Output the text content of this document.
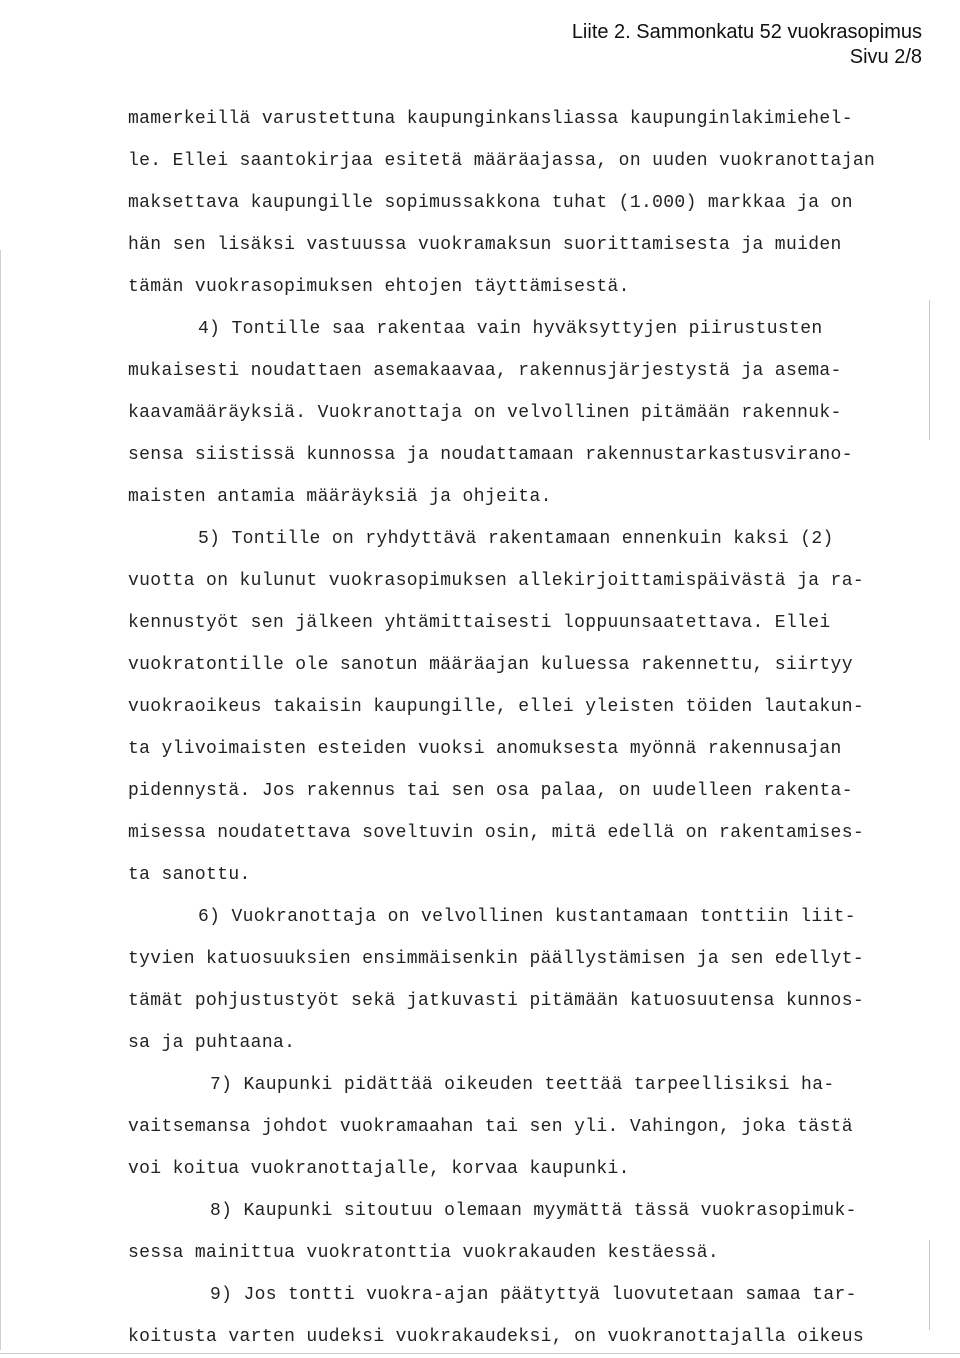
Liite 2. Sammonkatu 52 vuokrasopimus
Sivu 2/8
mamerkeillä varustettuna kaupunginkansliassa kaupunginlakimiehel-
le. Ellei saantokirjaa esitetä määräajassa, on uuden vuokranottajan
maksettava kaupungille sopimussakkona tuhat (1.000) markkaa ja on
hän sen lisäksi vastuussa vuokramaksun suorittamisesta ja muiden
tämän vuokrasopimuksen ehtojen täyttämisestä.
4) Tontille saa rakentaa vain hyväksyttyjen piirustusten
mukaisesti noudattaen asemakaavaa, rakennusjärjestystä ja asema-
kaavamääräyksiä. Vuokranottaja on velvollinen pitämään rakennuk-
sensa siistissä kunnossa ja noudattamaan rakennustarkastusvirano-
maisten antamia määräyksiä ja ohjeita.
5) Tontille on ryhdyttävä rakentamaan ennenkuin kaksi (2)
vuotta on kulunut vuokrasopimuksen allekirjoittamispäivästä ja ra-
kennustyöt sen jälkeen yhtämittaisesti loppuunsaatettava. Ellei
vuokratontille ole sanotun määräajan kuluessa rakennettu, siirtyy
vuokraoikeus takaisin kaupungille, ellei yleisten töiden lautakun-
ta ylivoimaisten esteiden vuoksi anomuksesta myönnä rakennusajan
pidennystä. Jos rakennus tai sen osa palaa, on uudelleen rakenta-
misessa noudatettava soveltuvin osin, mitä edellä on rakentamises-
ta sanottu.
6) Vuokranottaja on velvollinen kustantamaan tonttiin liit-
tyvien katuosuuksien ensimmäisenkin päällystämisen ja sen edellyt-
tämät pohjustustyöt sekä jatkuvasti pitämään katuosuutensa kunnos-
sa ja puhtaana.
7) Kaupunki pidättää oikeuden teettää tarpeellisiksi ha-
vaitsemansa johdot vuokramaahan tai sen yli. Vahingon, joka tästä
voi koitua vuokranottajalle, korvaa kaupunki.
8) Kaupunki sitoutuu olemaan myymättä tässä vuokrasopimuk-
sessa mainittua vuokratonttia vuokrakauden kestäessä.
9) Jos tontti vuokra-ajan päätyttyä luovutetaan samaa tar-
koitusta varten uudeksi vuokrakaudeksi, on vuokranottajalla oikeus
